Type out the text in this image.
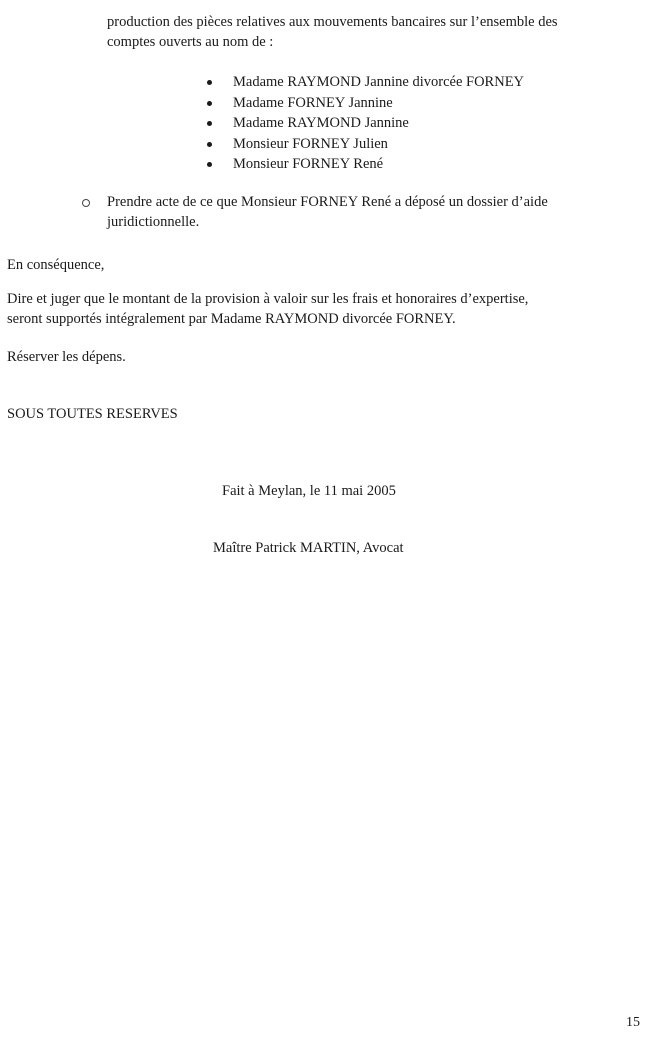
production des pièces relatives aux mouvements bancaires sur l’ensemble des
comptes ouverts au nom de :

Madame RAYMOND Jannine divorcée FORNEY
Madame FORNEY Jannine
Madame RAYMOND Jannine
Monsieur FORNEY Julien
Monsieur FORNEY René
Prendre acte de ce que Monsieur FORNEY René a déposé un dossier d’aide
juridictionnelle.

En conséquence,

Dire et juger que le montant de la provision à valoir sur les frais et honoraires d’expertise,
seront supportés intégralement par Madame RAYMOND divorcée FORNEY.

Réserver les dépens.

SOUS TOUTES RESERVES

Fait à Meylan, le 11 mai 2005

Maître Patrick MARTIN, Avocat

15
